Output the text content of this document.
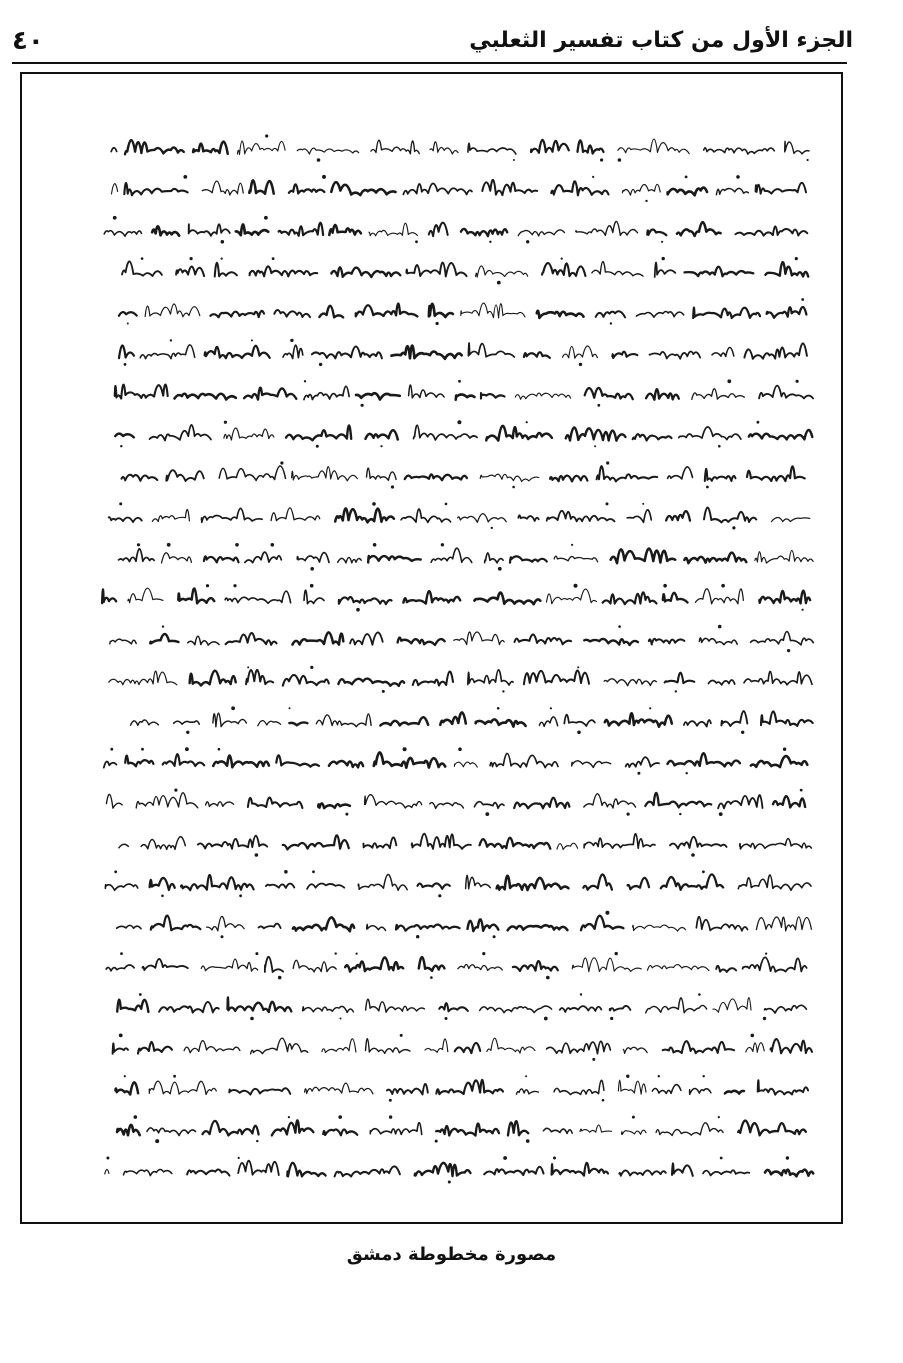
٤٠	الجزء الأول من كتاب تفسير الثعلبي
مصورة مخطوطة دمشق
